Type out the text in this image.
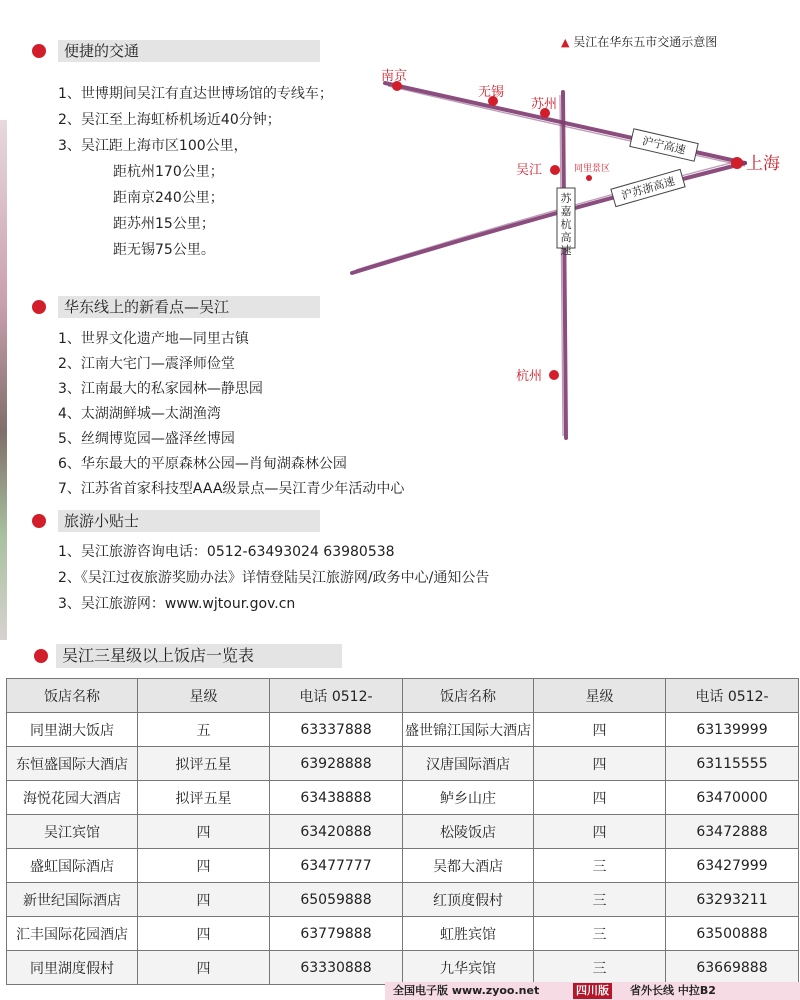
便捷的交通
1、世博期间吴江有直达世博场馆的专线车；
2、吴江至上海虹桥机场近40分钟；
3、吴江距上海市区100公里，
距杭州170公里；
距南京240公里；
距苏州15公里；
距无锡75公里。
▲ 吴江在华东五市交通示意图
沪宁高速
沪苏浙高速
苏嘉杭高速
南京
无锡
苏州
上海
吴江	同里景区
杭州
华东线上的新看点—吴江
1、世界文化遗产地—同里古镇
2、江南大宅门—震泽师俭堂
3、江南最大的私家园林—静思园
4、太湖湖鲜城—太湖渔湾
5、丝绸博览园—盛泽丝博园
6、华东最大的平原森林公园—肖甸湖森林公园
7、江苏省首家科技型AAA级景点—吴江青少年活动中心
旅游小贴士
1、吴江旅游咨询电话：0512-63493024 63980538
2、《吴江过夜旅游奖励办法》详情登陆吴江旅游网/政务中心/通知公告
3、吴江旅游网：www.wjtour.gov.cn
吴江三星级以上饭店一览表
饭店名称	星级	电话 0512-	饭店名称	星级	电话 0512-
同里湖大饭店	五	63337888	盛世锦江国际大酒店	四	63139999
东恒盛国际大酒店	拟评五星	63928888	汉唐国际酒店	四	63115555
海悦花园大酒店	拟评五星	63438888	鲈乡山庄	四	63470000
吴江宾馆	四	63420888	松陵饭店	四	63472888
盛虹国际酒店	四	63477777	吴都大酒店	三	63427999
新世纪国际酒店	四	65059888	红顶度假村	三	63293211
汇丰国际花园酒店	四	63779888	虹胜宾馆	三	63500888
同里湖度假村	四	63330888	九华宾馆	三	63669888
全国电子版 www.zyoo.net	四川版 省外长线 中拉B2
